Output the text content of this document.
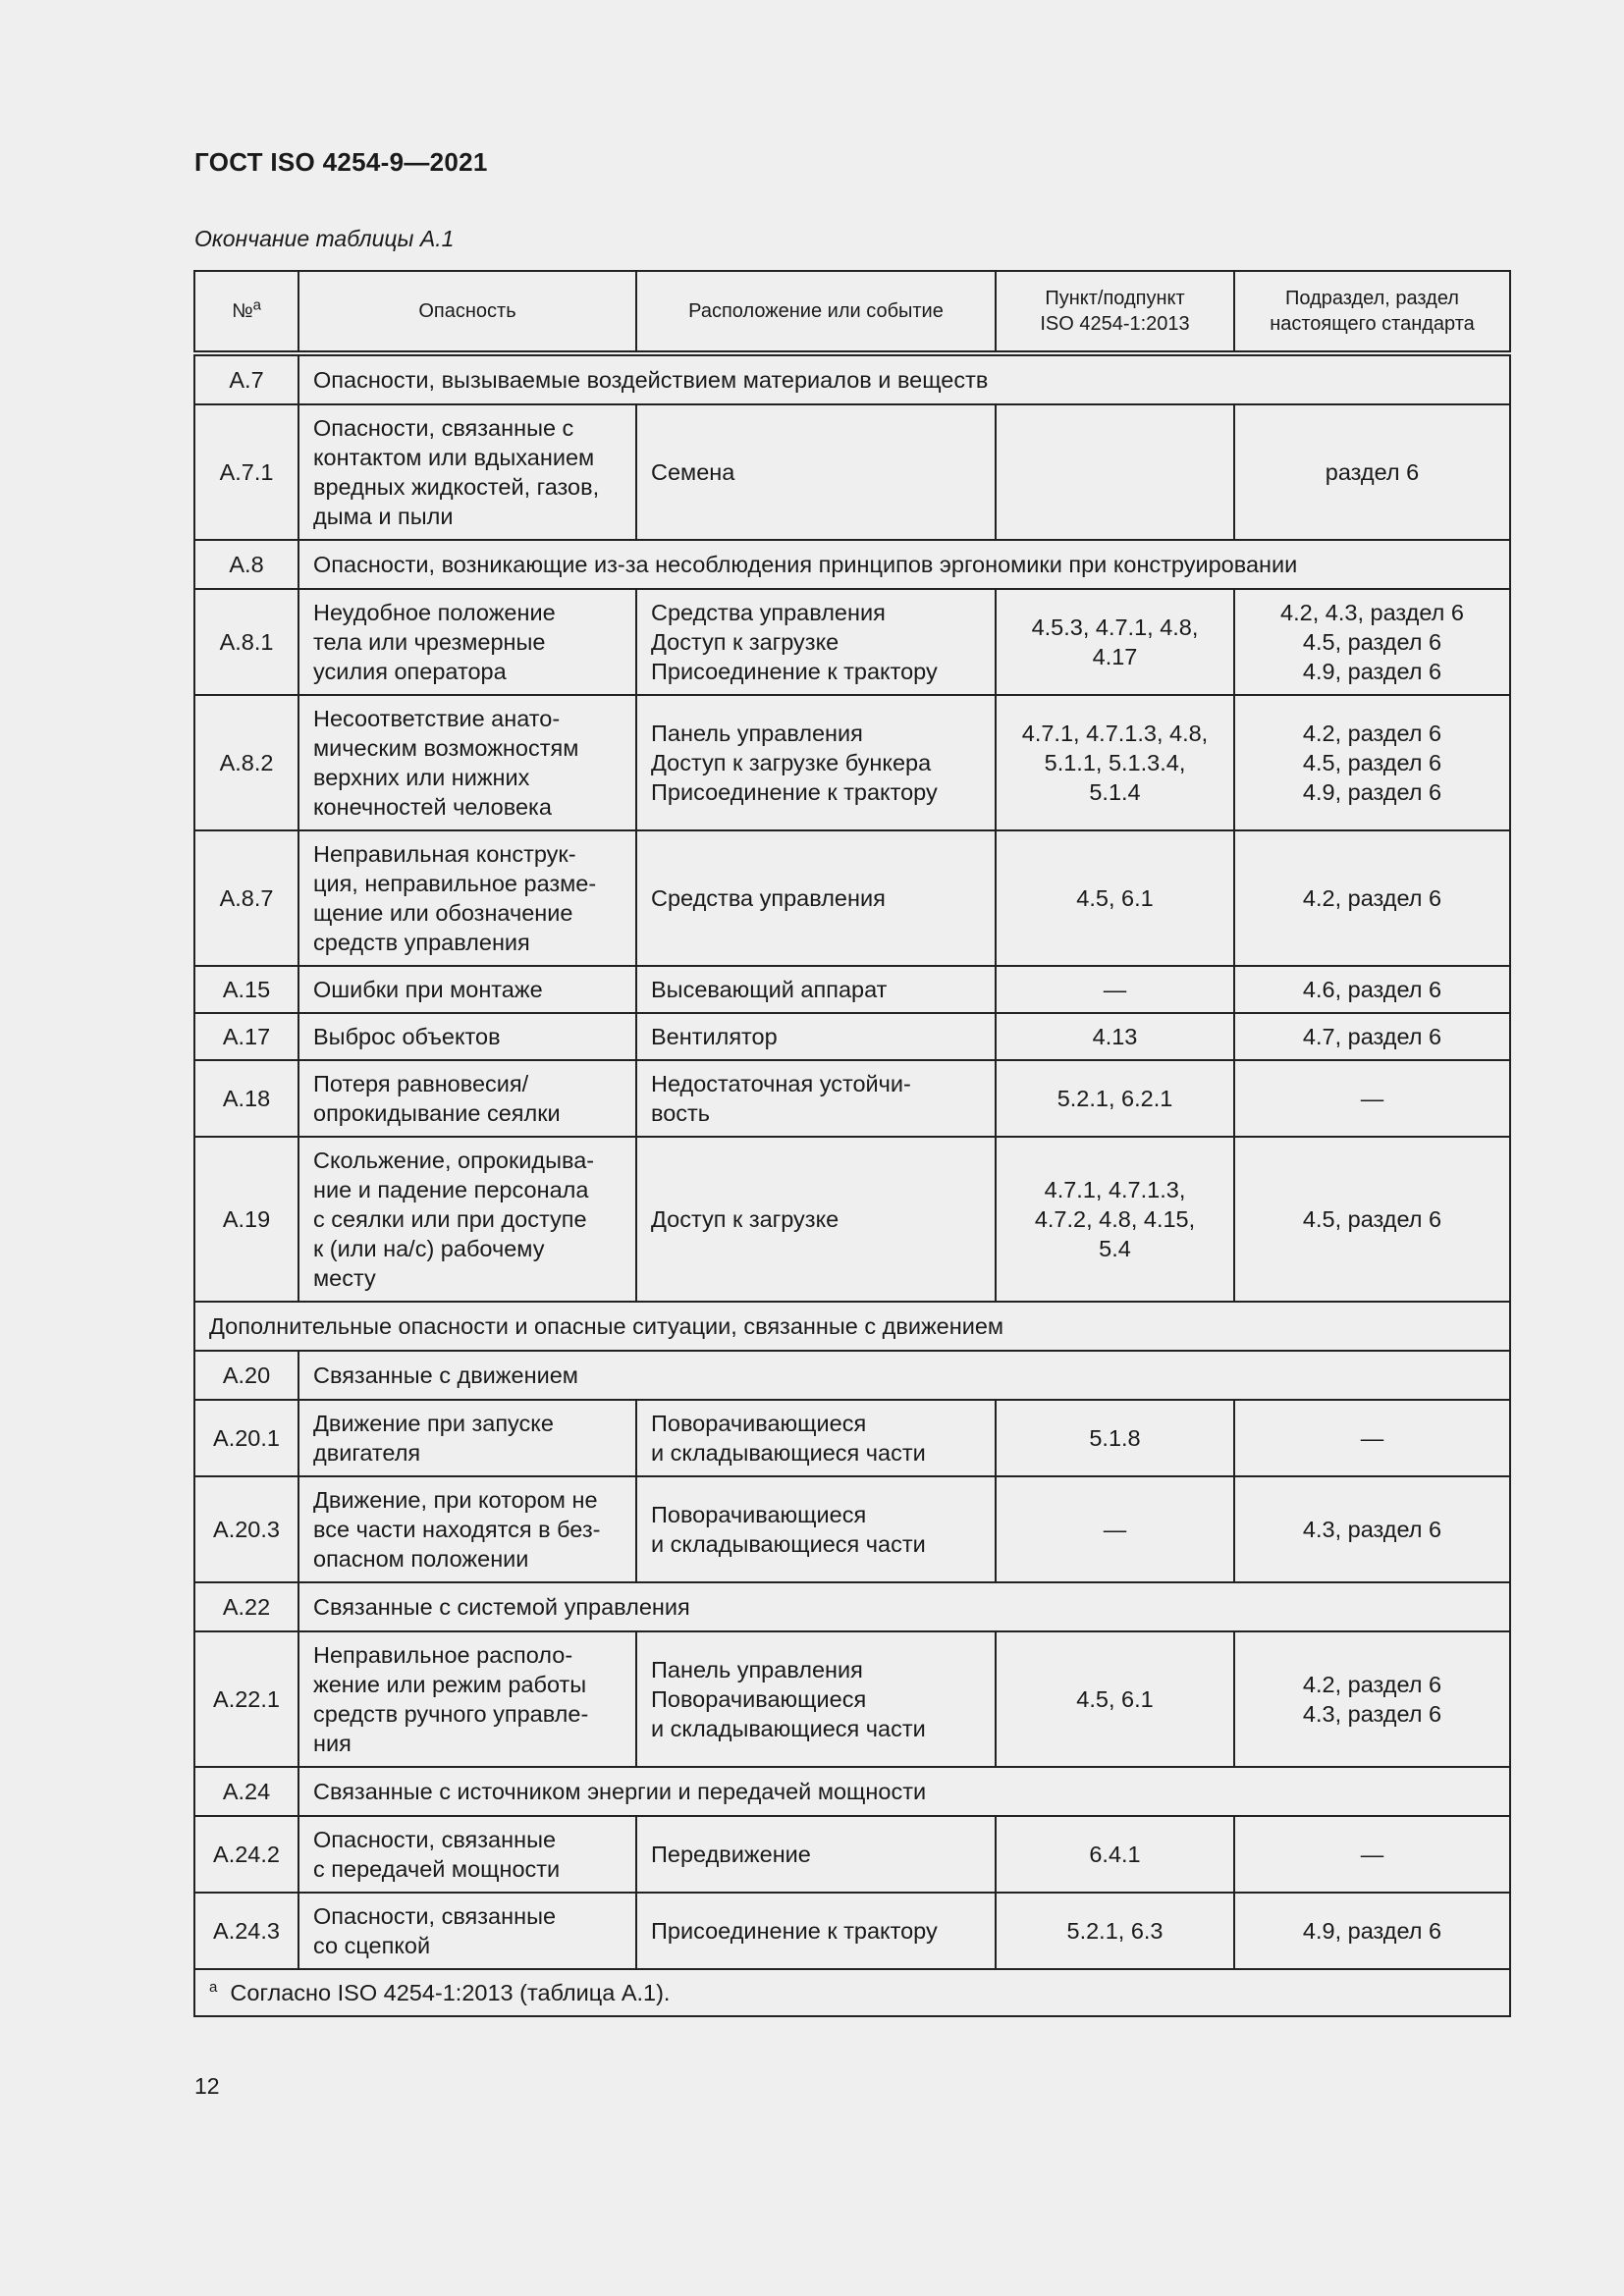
ГОСТ ISO 4254-9—2021
Окончание таблицы А.1
№$^a$	Опасность	Расположение или событие	Пункт/подпункт
ISO 4254-1:2013	Подраздел, раздел
настоящего стандарта
А.7	Опасности, вызываемые воздействием материалов и веществ			
А.7.1	Опасности, связанные с
контактом или вдыханием
вредных жидкостей, газов,
дыма и пыли	Семена		раздел 6
А.8	Опасности, возникающие из-за несоблюдения принципов эргономики при конструировании			
А.8.1	Неудобное положение
тела или чрезмерные
усилия оператора	Средства управления
Доступ к загрузке
Присоединение к трактору	4.5.3, 4.7.1, 4.8,
4.17	4.2, 4.3, раздел 6
4.5, раздел 6
4.9, раздел 6
А.8.2	Несоответствие анато-
мическим возможностям
верхних или нижних
конечностей человека	Панель управления
Доступ к загрузке бункера
Присоединение к трактору	4.7.1, 4.7.1.3, 4.8,
5.1.1, 5.1.3.4,
5.1.4	4.2, раздел 6
4.5, раздел 6
4.9, раздел 6
А.8.7	Неправильная конструк-
ция, неправильное разме-
щение или обозначение
средств управления	Средства управления	4.5, 6.1	4.2, раздел 6
А.15	Ошибки при монтаже	Высевающий аппарат	—	4.6, раздел 6
А.17	Выброс объектов	Вентилятор	4.13	4.7, раздел 6
А.18	Потеря равновесия/
опрокидывание сеялки	Недостаточная устойчи-
вость	5.2.1, 6.2.1	—
А.19	Скольжение, опрокидыва-
ние и падение персонала
с сеялки или при доступе
к (или на/с) рабочему
месту	Доступ к загрузке	4.7.1, 4.7.1.3,
4.7.2, 4.8, 4.15,
5.4	4.5, раздел 6
Дополнительные опасности и опасные ситуации, связанные с движением				
А.20	Связанные с движением			
А.20.1	Движение при запуске
двигателя	Поворачивающиеся
и складывающиеся части	5.1.8	—
А.20.3	Движение, при котором не
все части находятся в без-
опасном положении	Поворачивающиеся
и складывающиеся части	—	4.3, раздел 6
А.22	Связанные с системой управления			
А.22.1	Неправильное располо-
жение или режим работы
средств ручного управле-
ния	Панель управления
Поворачивающиеся
и складывающиеся части	4.5, 6.1	4.2, раздел 6
4.3, раздел 6
А.24	Связанные с источником энергии и передачей мощности			
А.24.2	Опасности, связанные
с передачей мощности	Передвижение	6.4.1	—
А.24.3	Опасности, связанные
со сцепкой	Присоединение к трактору	5.2.1, 6.3	4.9, раздел 6
$^a$ Согласно ISO 4254-1:2013 (таблица А.1).				
12
